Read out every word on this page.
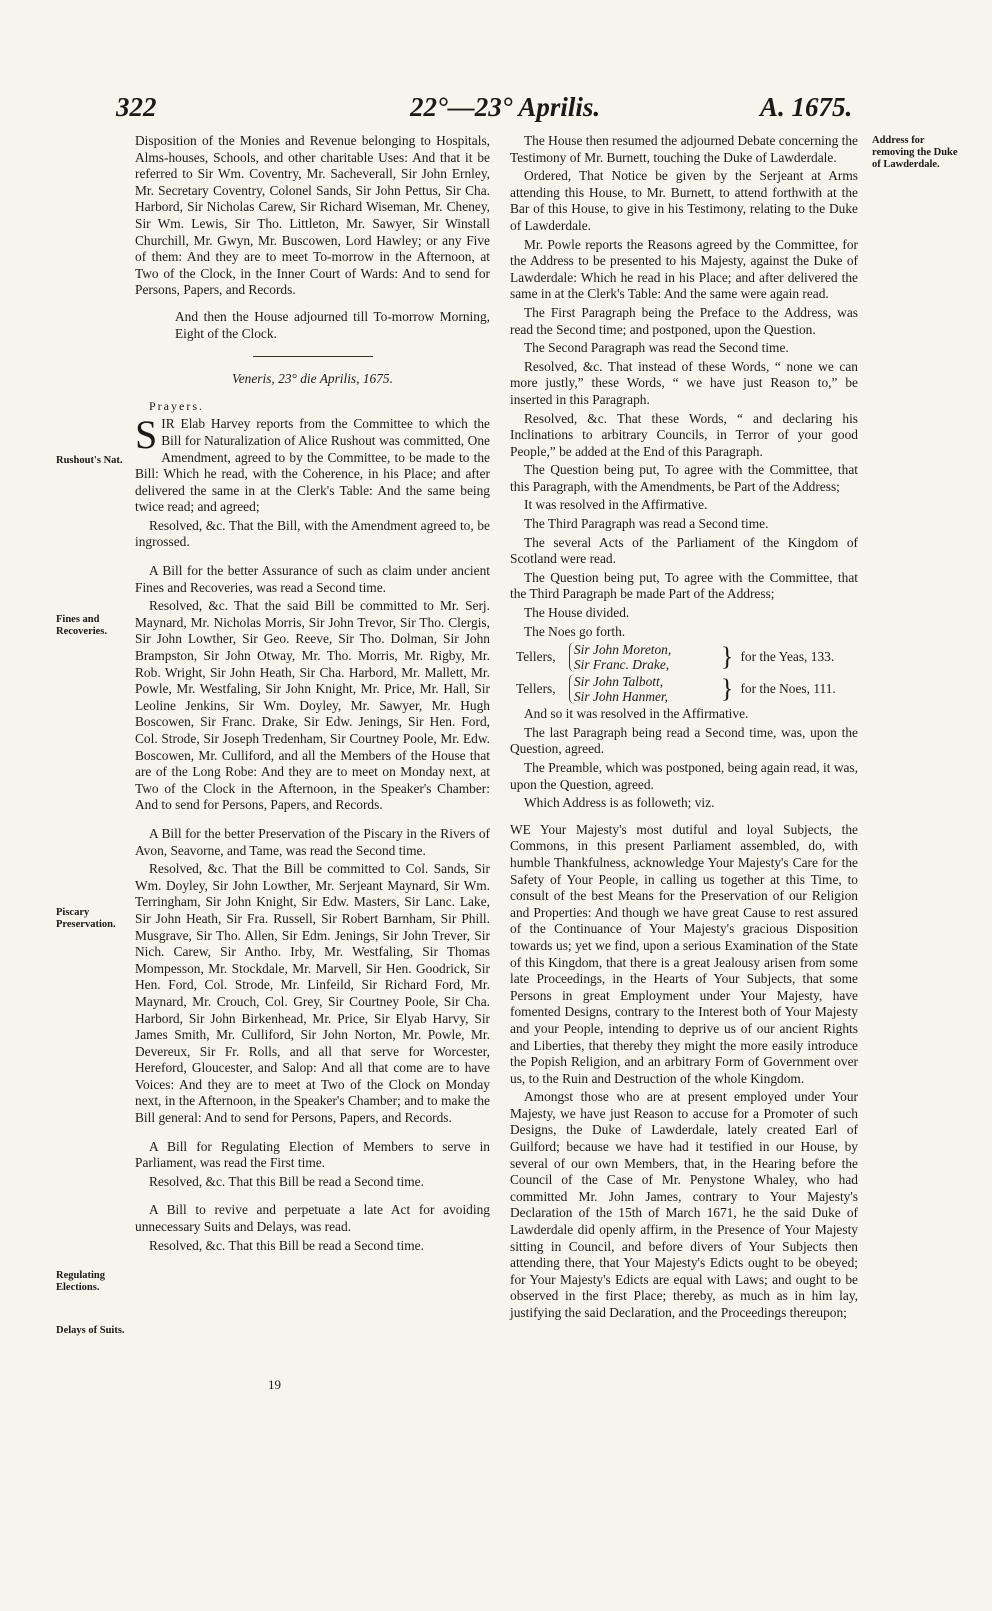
322	22°—23° Aprilis.	A. 1675.
Rushout's Nat.
Fines and Recoveries.
Piscary Preservation.
Regulating Elections.
Delays of Suits.
Address for removing the Duke of Lawderdale.

Disposition of the Monies and Revenue belonging to Hospitals, Alms-houses, Schools, and other charitable Uses: And that it be referred to Sir Wm. Coventry, Mr. Sacheverall, Sir John Ernley, Mr. Secretary Coventry, Colonel Sands, Sir John Pettus, Sir Cha. Harbord, Sir Nicholas Carew, Sir Richard Wiseman, Mr. Cheney, Sir Wm. Lewis, Sir Tho. Littleton, Mr. Sawyer, Sir Winstall Churchill, Mr. Gwyn, Mr. Buscowen, Lord Hawley; or any Five of them: And they are to meet To-morrow in the Afternoon, at Two of the Clock, in the Inner Court of Wards: And to send for Persons, Papers, and Records.

And then the House adjourned till To-morrow Morning, Eight of the Clock.

Veneris, 23° die Aprilis, 1675.

Prayers.

SIR Elab Harvey reports from the Committee to which the Bill for Naturalization of Alice Rushout was committed, One Amendment, agreed to by the Committee, to be made to the Bill: Which he read, with the Coherence, in his Place; and after delivered the same in at the Clerk's Table: And the same being twice read; and agreed;

Resolved, &c. That the Bill, with the Amendment agreed to, be ingrossed.

A Bill for the better Assurance of such as claim under ancient Fines and Recoveries, was read a Second time.

Resolved, &c. That the said Bill be committed to Mr. Serj. Maynard, Mr. Nicholas Morris, Sir John Trevor, Sir Tho. Clergis, Sir John Lowther, Sir Geo. Reeve, Sir Tho. Dolman, Sir John Brampston, Sir John Otway, Mr. Tho. Morris, Mr. Rigby, Mr. Rob. Wright, Sir John Heath, Sir Cha. Harbord, Mr. Mallett, Mr. Powle, Mr. Westfaling, Sir John Knight, Mr. Price, Mr. Hall, Sir Leoline Jenkins, Sir Wm. Doyley, Mr. Sawyer, Mr. Hugh Boscowen, Sir Franc. Drake, Sir Edw. Jenings, Sir Hen. Ford, Col. Strode, Sir Joseph Tredenham, Sir Courtney Poole, Mr. Edw. Boscowen, Mr. Culliford, and all the Members of the House that are of the Long Robe: And they are to meet on Monday next, at Two of the Clock in the Afternoon, in the Speaker's Chamber: And to send for Persons, Papers, and Records.

A Bill for the better Preservation of the Piscary in the Rivers of Avon, Seavorne, and Tame, was read the Second time.

Resolved, &c. That the Bill be committed to Col. Sands, Sir Wm. Doyley, Sir John Lowther, Mr. Serjeant Maynard, Sir Wm. Terringham, Sir John Knight, Sir Edw. Masters, Sir Lanc. Lake, Sir John Heath, Sir Fra. Russell, Sir Robert Barnham, Sir Phill. Musgrave, Sir Tho. Allen, Sir Edm. Jenings, Sir John Trever, Sir Nich. Carew, Sir Antho. Irby, Mr. Westfaling, Sir Thomas Mompesson, Mr. Stockdale, Mr. Marvell, Sir Hen. Goodrick, Sir Hen. Ford, Col. Strode, Mr. Linfeild, Sir Richard Ford, Mr. Maynard, Mr. Crouch, Col. Grey, Sir Courtney Poole, Sir Cha. Harbord, Sir John Birkenhead, Mr. Price, Sir Elyab Harvy, Sir James Smith, Mr. Culliford, Sir John Norton, Mr. Powle, Mr. Devereux, Sir Fr. Rolls, and all that serve for Worcester, Hereford, Gloucester, and Salop: And all that come are to have Voices: And they are to meet at Two of the Clock on Monday next, in the Afternoon, in the Speaker's Chamber; and to make the Bill general: And to send for Persons, Papers, and Records.

A Bill for Regulating Election of Members to serve in Parliament, was read the First time.

Resolved, &c. That this Bill be read a Second time.

A Bill to revive and perpetuate a late Act for avoiding unnecessary Suits and Delays, was read.

Resolved, &c. That this Bill be read a Second time.

19

The House then resumed the adjourned Debate concerning the Testimony of Mr. Burnett, touching the Duke of Lawderdale.

Ordered, That Notice be given by the Serjeant at Arms attending this House, to Mr. Burnett, to attend forthwith at the Bar of this House, to give in his Testimony, relating to the Duke of Lawderdale.

Mr. Powle reports the Reasons agreed by the Committee, for the Address to be presented to his Majesty, against the Duke of Lawderdale: Which he read in his Place; and after delivered the same in at the Clerk's Table: And the same were again read.

The First Paragraph being the Preface to the Address, was read the Second time; and postponed, upon the Question.

The Second Paragraph was read the Second time.

Resolved, &c. That instead of these Words, “ none we can more justly,” these Words, “ we have just Reason to,” be inserted in this Paragraph.

Resolved, &c. That these Words, “ and declaring his Inclinations to arbitrary Councils, in Terror of your good People,” be added at the End of this Paragraph.

The Question being put, To agree with the Committee, that this Paragraph, with the Amendments, be Part of the Address;

It was resolved in the Affirmative.

The Third Paragraph was read a Second time.

The several Acts of the Parliament of the Kingdom of Scotland were read.

The Question being put, To agree with the Committee, that the Third Paragraph be made Part of the Address;

The House divided.

The Noes go forth.

Tellers,	Sir John Moreton,
Sir Franc. Drake,	} for the Yeas, 133.
Tellers,	Sir John Talbott,
Sir John Hanmer,	} for the Noes, 111.

And so it was resolved in the Affirmative.

The last Paragraph being read a Second time, was, upon the Question, agreed.

The Preamble, which was postponed, being again read, it was, upon the Question, agreed.

Which Address is as followeth; viz.

WE Your Majesty's most dutiful and loyal Subjects, the Commons, in this present Parliament assembled, do, with humble Thankfulness, acknowledge Your Majesty's Care for the Safety of Your People, in calling us together at this Time, to consult of the best Means for the Preservation of our Religion and Properties: And though we have great Cause to rest assured of the Continuance of Your Majesty's gracious Disposition towards us; yet we find, upon a serious Examination of the State of this Kingdom, that there is a great Jealousy arisen from some late Proceedings, in the Hearts of Your Subjects, that some Persons in great Employment under Your Majesty, have fomented Designs, contrary to the Interest both of Your Majesty and your People, intending to deprive us of our ancient Rights and Liberties, that thereby they might the more easily introduce the Popish Religion, and an arbitrary Form of Government over us, to the Ruin and Destruction of the whole Kingdom.

Amongst those who are at present employed under Your Majesty, we have just Reason to accuse for a Promoter of such Designs, the Duke of Lawderdale, lately created Earl of Guilford; because we have had it testified in our House, by several of our own Members, that, in the Hearing before the Council of the Case of Mr. Penystone Whaley, who had committed Mr. John James, contrary to Your Majesty's Declaration of the 15th of March 1671, he the said Duke of Lawderdale did openly affirm, in the Presence of Your Majesty sitting in Council, and before divers of Your Subjects then attending there, that Your Majesty's Edicts ought to be obeyed; for Your Majesty's Edicts are equal with Laws; and ought to be observed in the first Place; thereby, as much as in him lay, justifying the said Declaration, and the Proceedings thereupon;
